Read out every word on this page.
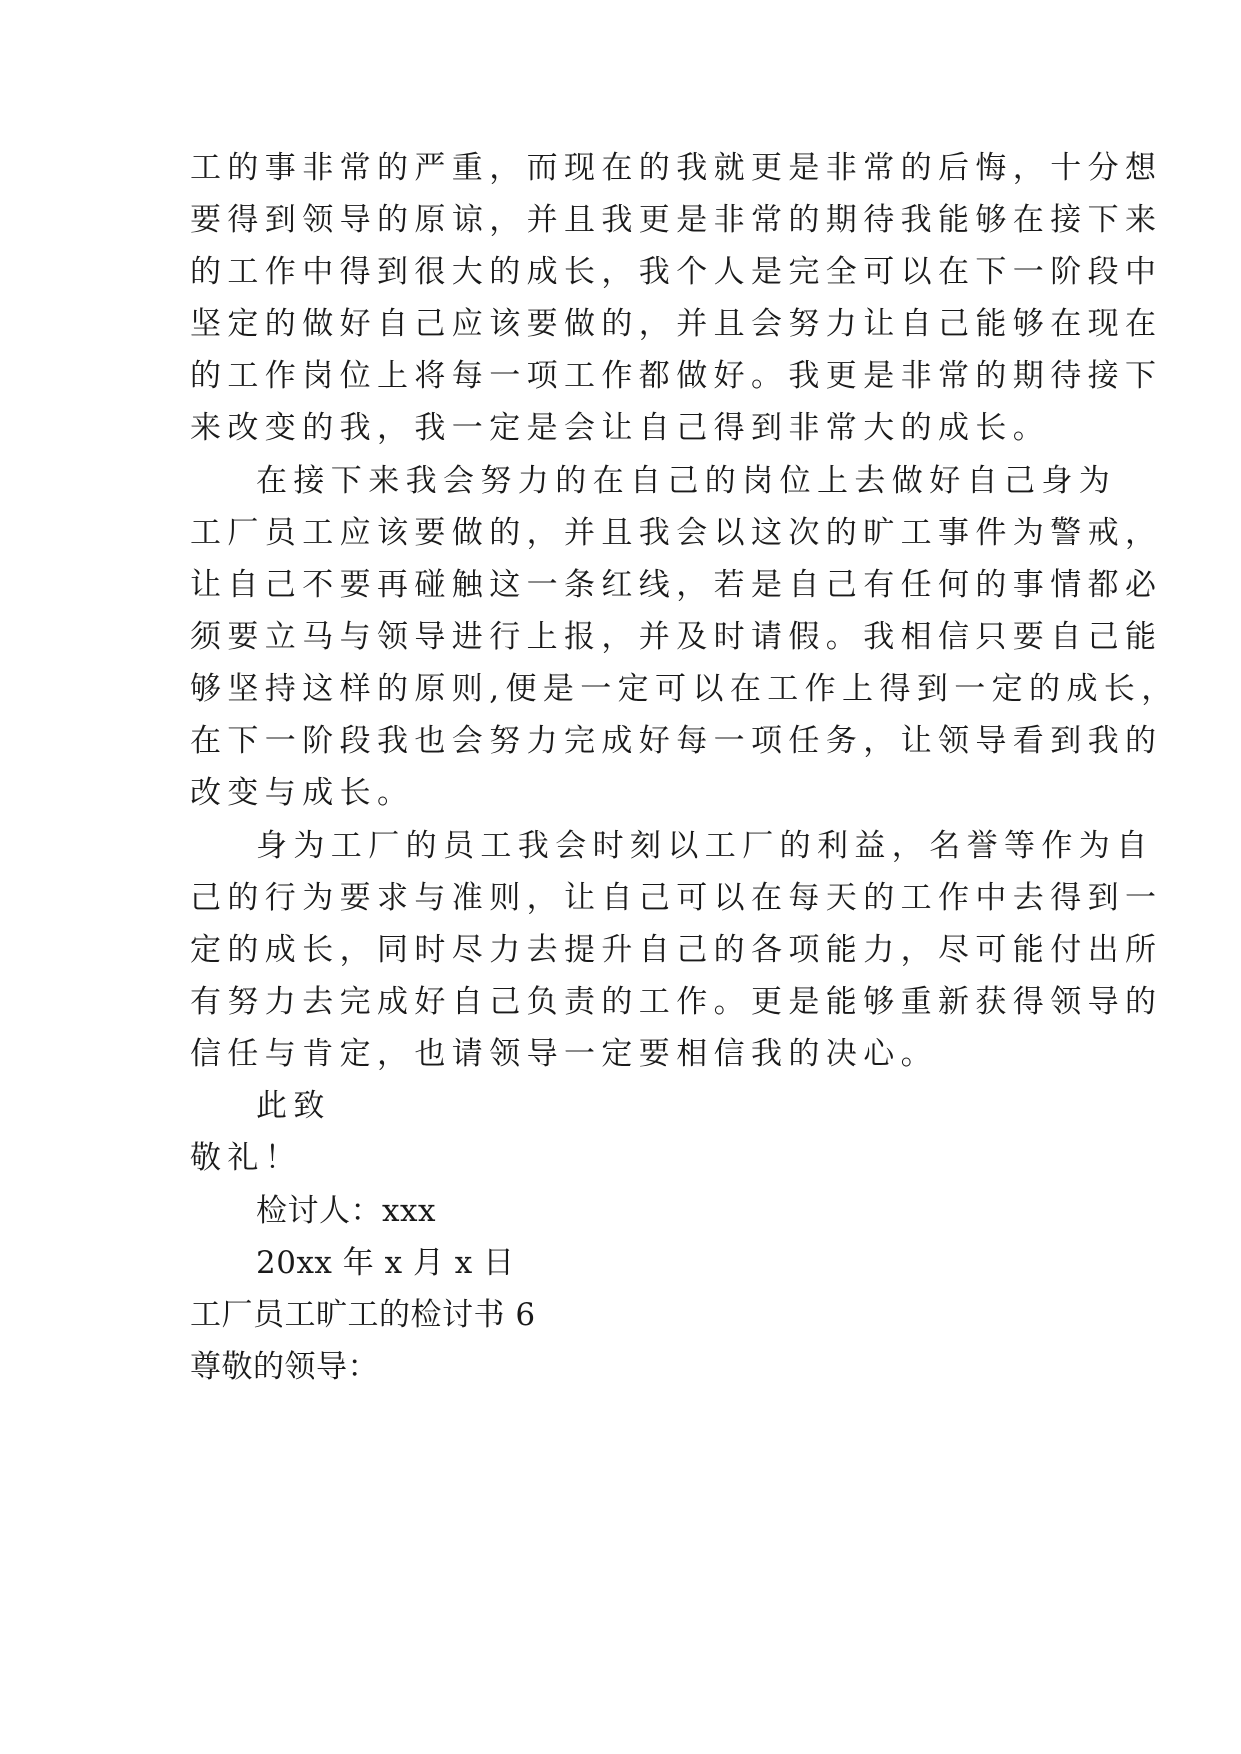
工的事非常的严重，而现在的我就更是非常的后悔，十分想
要得到领导的原谅，并且我更是非常的期待我能够在接下来
的工作中得到很大的成长，我个人是完全可以在下一阶段中
坚定的做好自己应该要做的，并且会努力让自己能够在现在
的工作岗位上将每一项工作都做好。我更是非常的期待接下
来改变的我，我一定是会让自己得到非常大的成长。
在接下来我会努力的在自己的岗位上去做好自己身为
工厂员工应该要做的，并且我会以这次的旷工事件为警戒，
让自己不要再碰触这一条红线，若是自己有任何的事情都必
须要立马与领导进行上报，并及时请假。我相信只要自己能
够坚持这样的原则,便是一定可以在工作上得到一定的成长，
在下一阶段我也会努力完成好每一项任务，让领导看到我的
改变与成长。
身为工厂的员工我会时刻以工厂的利益，名誉等作为自
己的行为要求与准则，让自己可以在每天的工作中去得到一
定的成长，同时尽力去提升自己的各项能力，尽可能付出所
有努力去完成好自己负责的工作。更是能够重新获得领导的
信任与肯定，也请领导一定要相信我的决心。
此致
敬礼！
检讨人：xxx
20xx 年 x 月 x 日
工厂员工旷工的检讨书 6
尊敬的领导：
